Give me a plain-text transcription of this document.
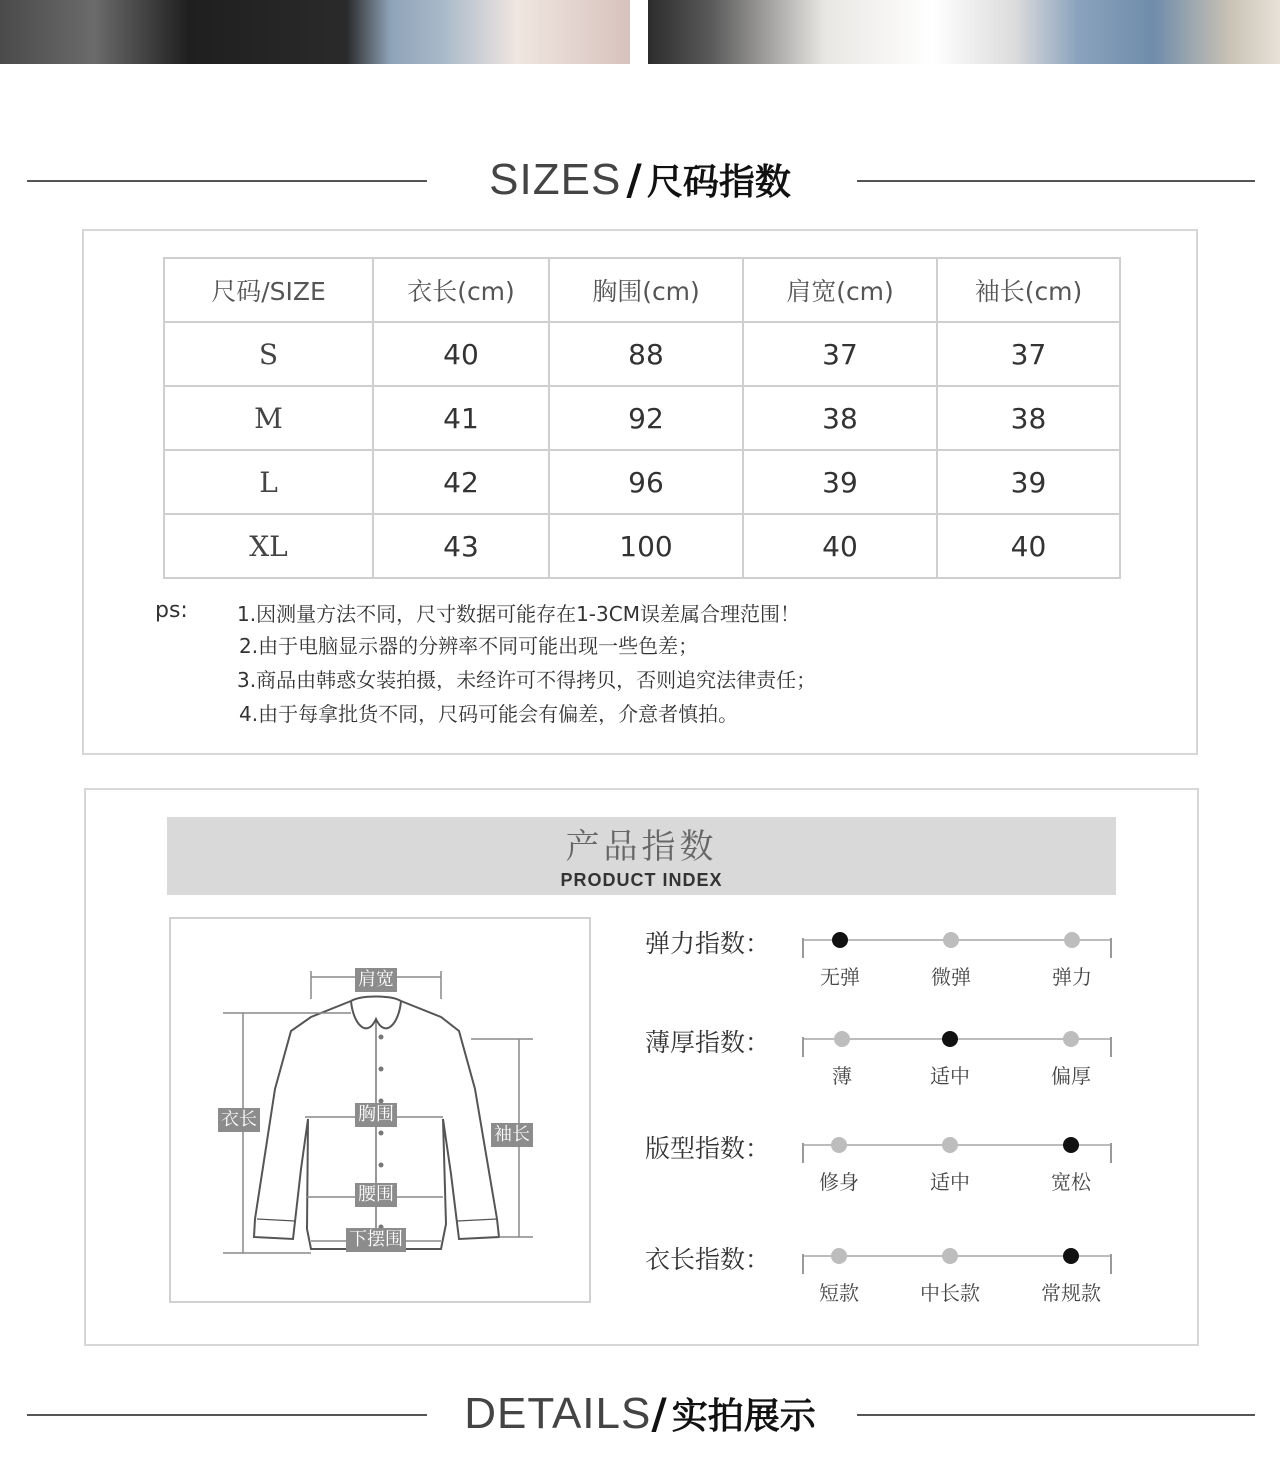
SIZES / 尺码指数
尺码/SIZE	衣长(cm)	胸围(cm)	肩宽(cm)	袖长(cm)
S	40	88	37	37
M	41	92	38	38
L	42	96	39	39
XL	43	100	40	40
ps: 1.因测量方法不同，尺寸数据可能存在1-3CM误差属合理范围！
2.由于电脑显示器的分辨率不同可能出现一些色差；
3.商品由韩惑女装拍摄，未经许可不得拷贝，否则追究法律责任；
4.由于每拿批货不同，尺码可能会有偏差，介意者慎拍。
产品指数
PRODUCT INDEX
肩宽
衣长	胸围
袖长
腰围
下摆围
弹力指数：
无弹	微弹	弹力
薄厚指数：
薄	适中	偏厚
版型指数：
修身	适中	宽松
衣长指数：
短款	中长款	常规款
DETAILS/ 实拍展示
